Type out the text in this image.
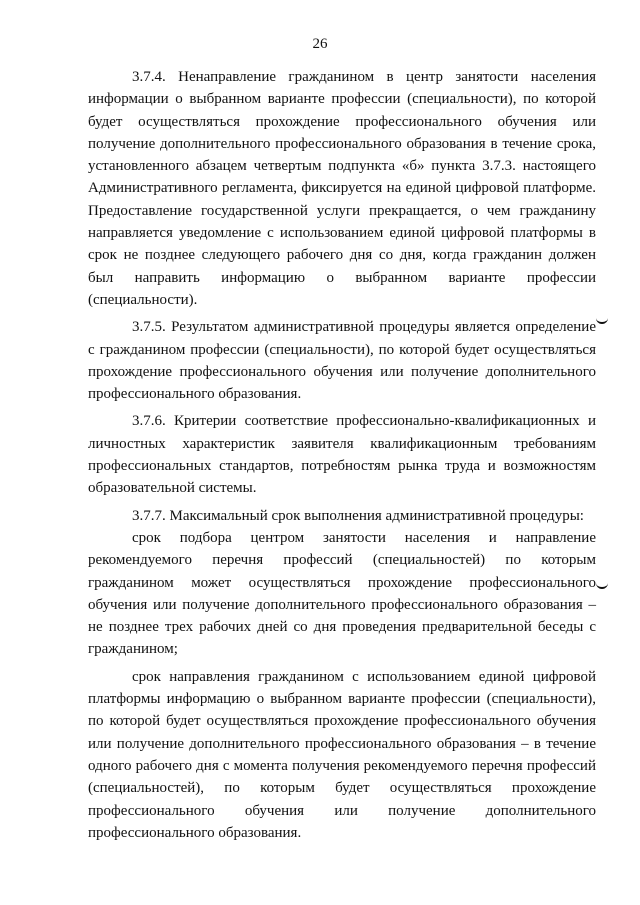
26

3.7.4. Ненаправление гражданином в центр занятости населения информации о выбранном варианте профессии (специальности), по которой будет осуществляться прохождение профессионального обучения или получение дополнительного профессионального образования в течение срока, установленного абзацем четвертым подпункта «б» пункта 3.7.3. настоящего Административного регламента, фиксируется на единой цифровой платформе. Предоставление государственной услуги прекращается, о чем гражданину направляется уведомление с использованием единой цифровой платформы в срок не позднее следующего рабочего дня со дня, когда гражданин должен был направить информацию о выбранном варианте профессии (специальности).

3.7.5. Результатом административной процедуры является определение с гражданином профессии (специальности), по которой будет осуществляться прохождение профессионального обучения или получение дополнительного профессионального образования.

3.7.6. Критерии соответствие профессионально-квалификационных и личностных характеристик заявителя квалификационным требованиям профессиональных стандартов, потребностям рынка труда и возможностям образовательной системы.

3.7.7. Максимальный срок выполнения административной процедуры:

срок подбора центром занятости населения и направление рекомендуемого перечня профессий (специальностей) по которым гражданином может осуществляться прохождение профессионального обучения или получение дополнительного профессионального образования – не позднее трех рабочих дней со дня проведения предварительной беседы с гражданином;

срок направления гражданином с использованием единой цифровой платформы информацию о выбранном варианте профессии (специальности), по которой будет осуществляться прохождение профессионального обучения или получение дополнительного профессионального образования – в течение одного рабочего дня с момента получения рекомендуемого перечня профессий (специальностей), по которым будет осуществляться прохождение профессионального обучения или получение дополнительного профессионального образования.
